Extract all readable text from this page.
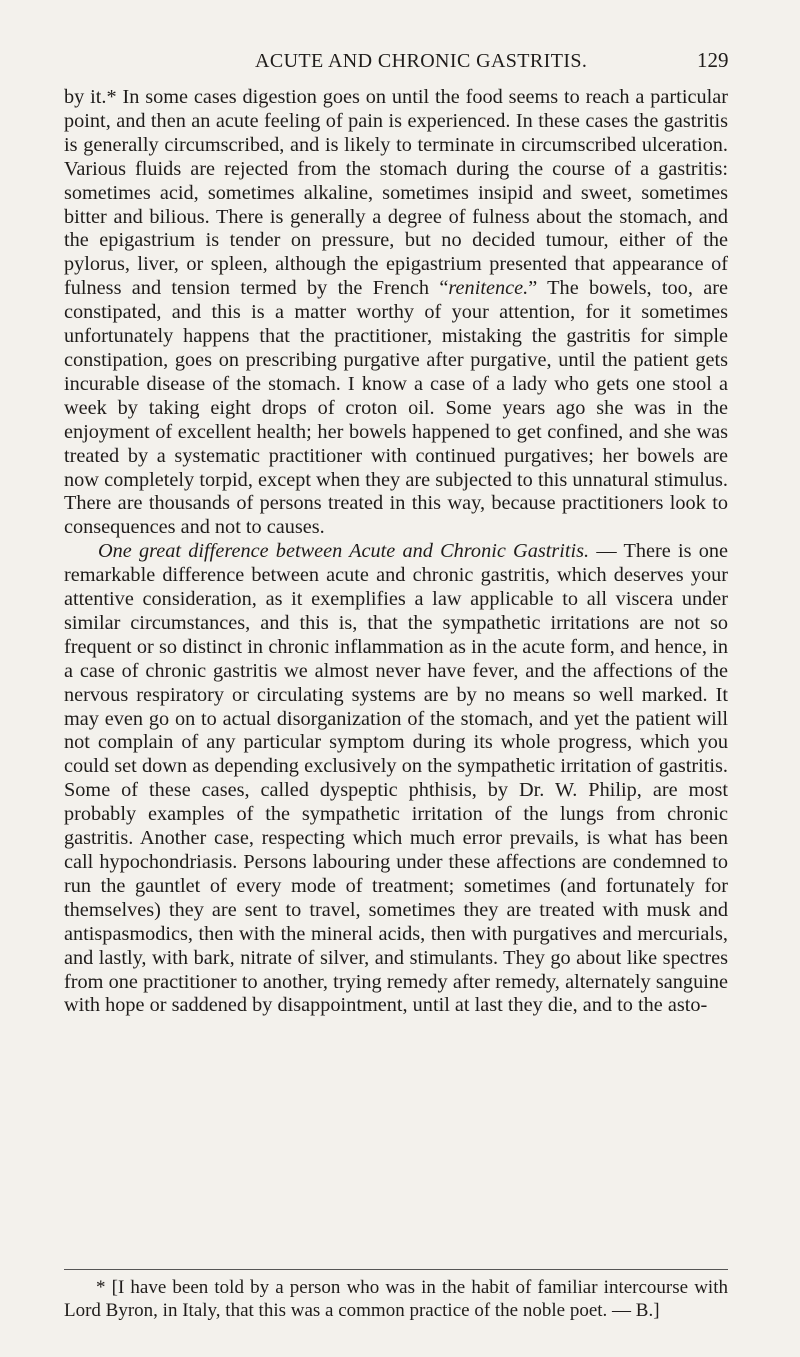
ACUTE AND CHRONIC GASTRITIS.	129

by it.* In some cases digestion goes on until the food seems to reach a particular point, and then an acute feeling of pain is experienced. In these cases the gastritis is generally circumscribed, and is likely to terminate in circumscribed ulceration. Various fluids are rejected from the stomach during the course of a gastritis: sometimes acid, sometimes alkaline, sometimes insipid and sweet, sometimes bitter and bilious. There is generally a degree of fulness about the stomach, and the epigastrium is tender on pressure, but no decided tumour, either of the pylorus, liver, or spleen, although the epigastrium presented that appearance of fulness and tension termed by the French “renitence.” The bowels, too, are constipated, and this is a matter worthy of your attention, for it sometimes unfortunately happens that the practitioner, mistaking the gastritis for simple constipation, goes on prescribing purgative after purgative, until the patient gets incurable disease of the stomach. I know a case of a lady who gets one stool a week by taking eight drops of croton oil. Some years ago she was in the enjoyment of excellent health; her bowels happened to get confined, and she was treated by a systematic practitioner with continued purgatives; her bowels are now completely torpid, except when they are subjected to this unnatural stimulus. There are thousands of persons treated in this way, because practitioners look to consequences and not to causes.

One great difference between Acute and Chronic Gastritis. — There is one remarkable difference between acute and chronic gastritis, which deserves your attentive consideration, as it exemplifies a law applicable to all viscera under similar circumstances, and this is, that the sympathetic irritations are not so frequent or so distinct in chronic inflammation as in the acute form, and hence, in a case of chronic gastritis we almost never have fever, and the affections of the nervous respiratory or circulating systems are by no means so well marked. It may even go on to actual disorganization of the stomach, and yet the patient will not complain of any particular symptom during its whole progress, which you could set down as depending exclusively on the sympathetic irritation of gastritis. Some of these cases, called dyspeptic phthisis, by Dr. W. Philip, are most probably examples of the sympathetic irritation of the lungs from chronic gastritis. Another case, respecting which much error prevails, is what has been call hypochondriasis. Persons labouring under these affections are condemned to run the gauntlet of every mode of treatment; sometimes (and fortunately for themselves) they are sent to travel, sometimes they are treated with musk and antispasmodics, then with the mineral acids, then with purgatives and mercurials, and lastly, with bark, nitrate of silver, and stimulants. They go about like spectres from one practitioner to another, trying remedy after remedy, alternately sanguine with hope or saddened by disappointment, until at last they die, and to the asto-

* [I have been told by a person who was in the habit of familiar intercourse with Lord Byron, in Italy, that this was a common practice of the noble poet. — B.]
